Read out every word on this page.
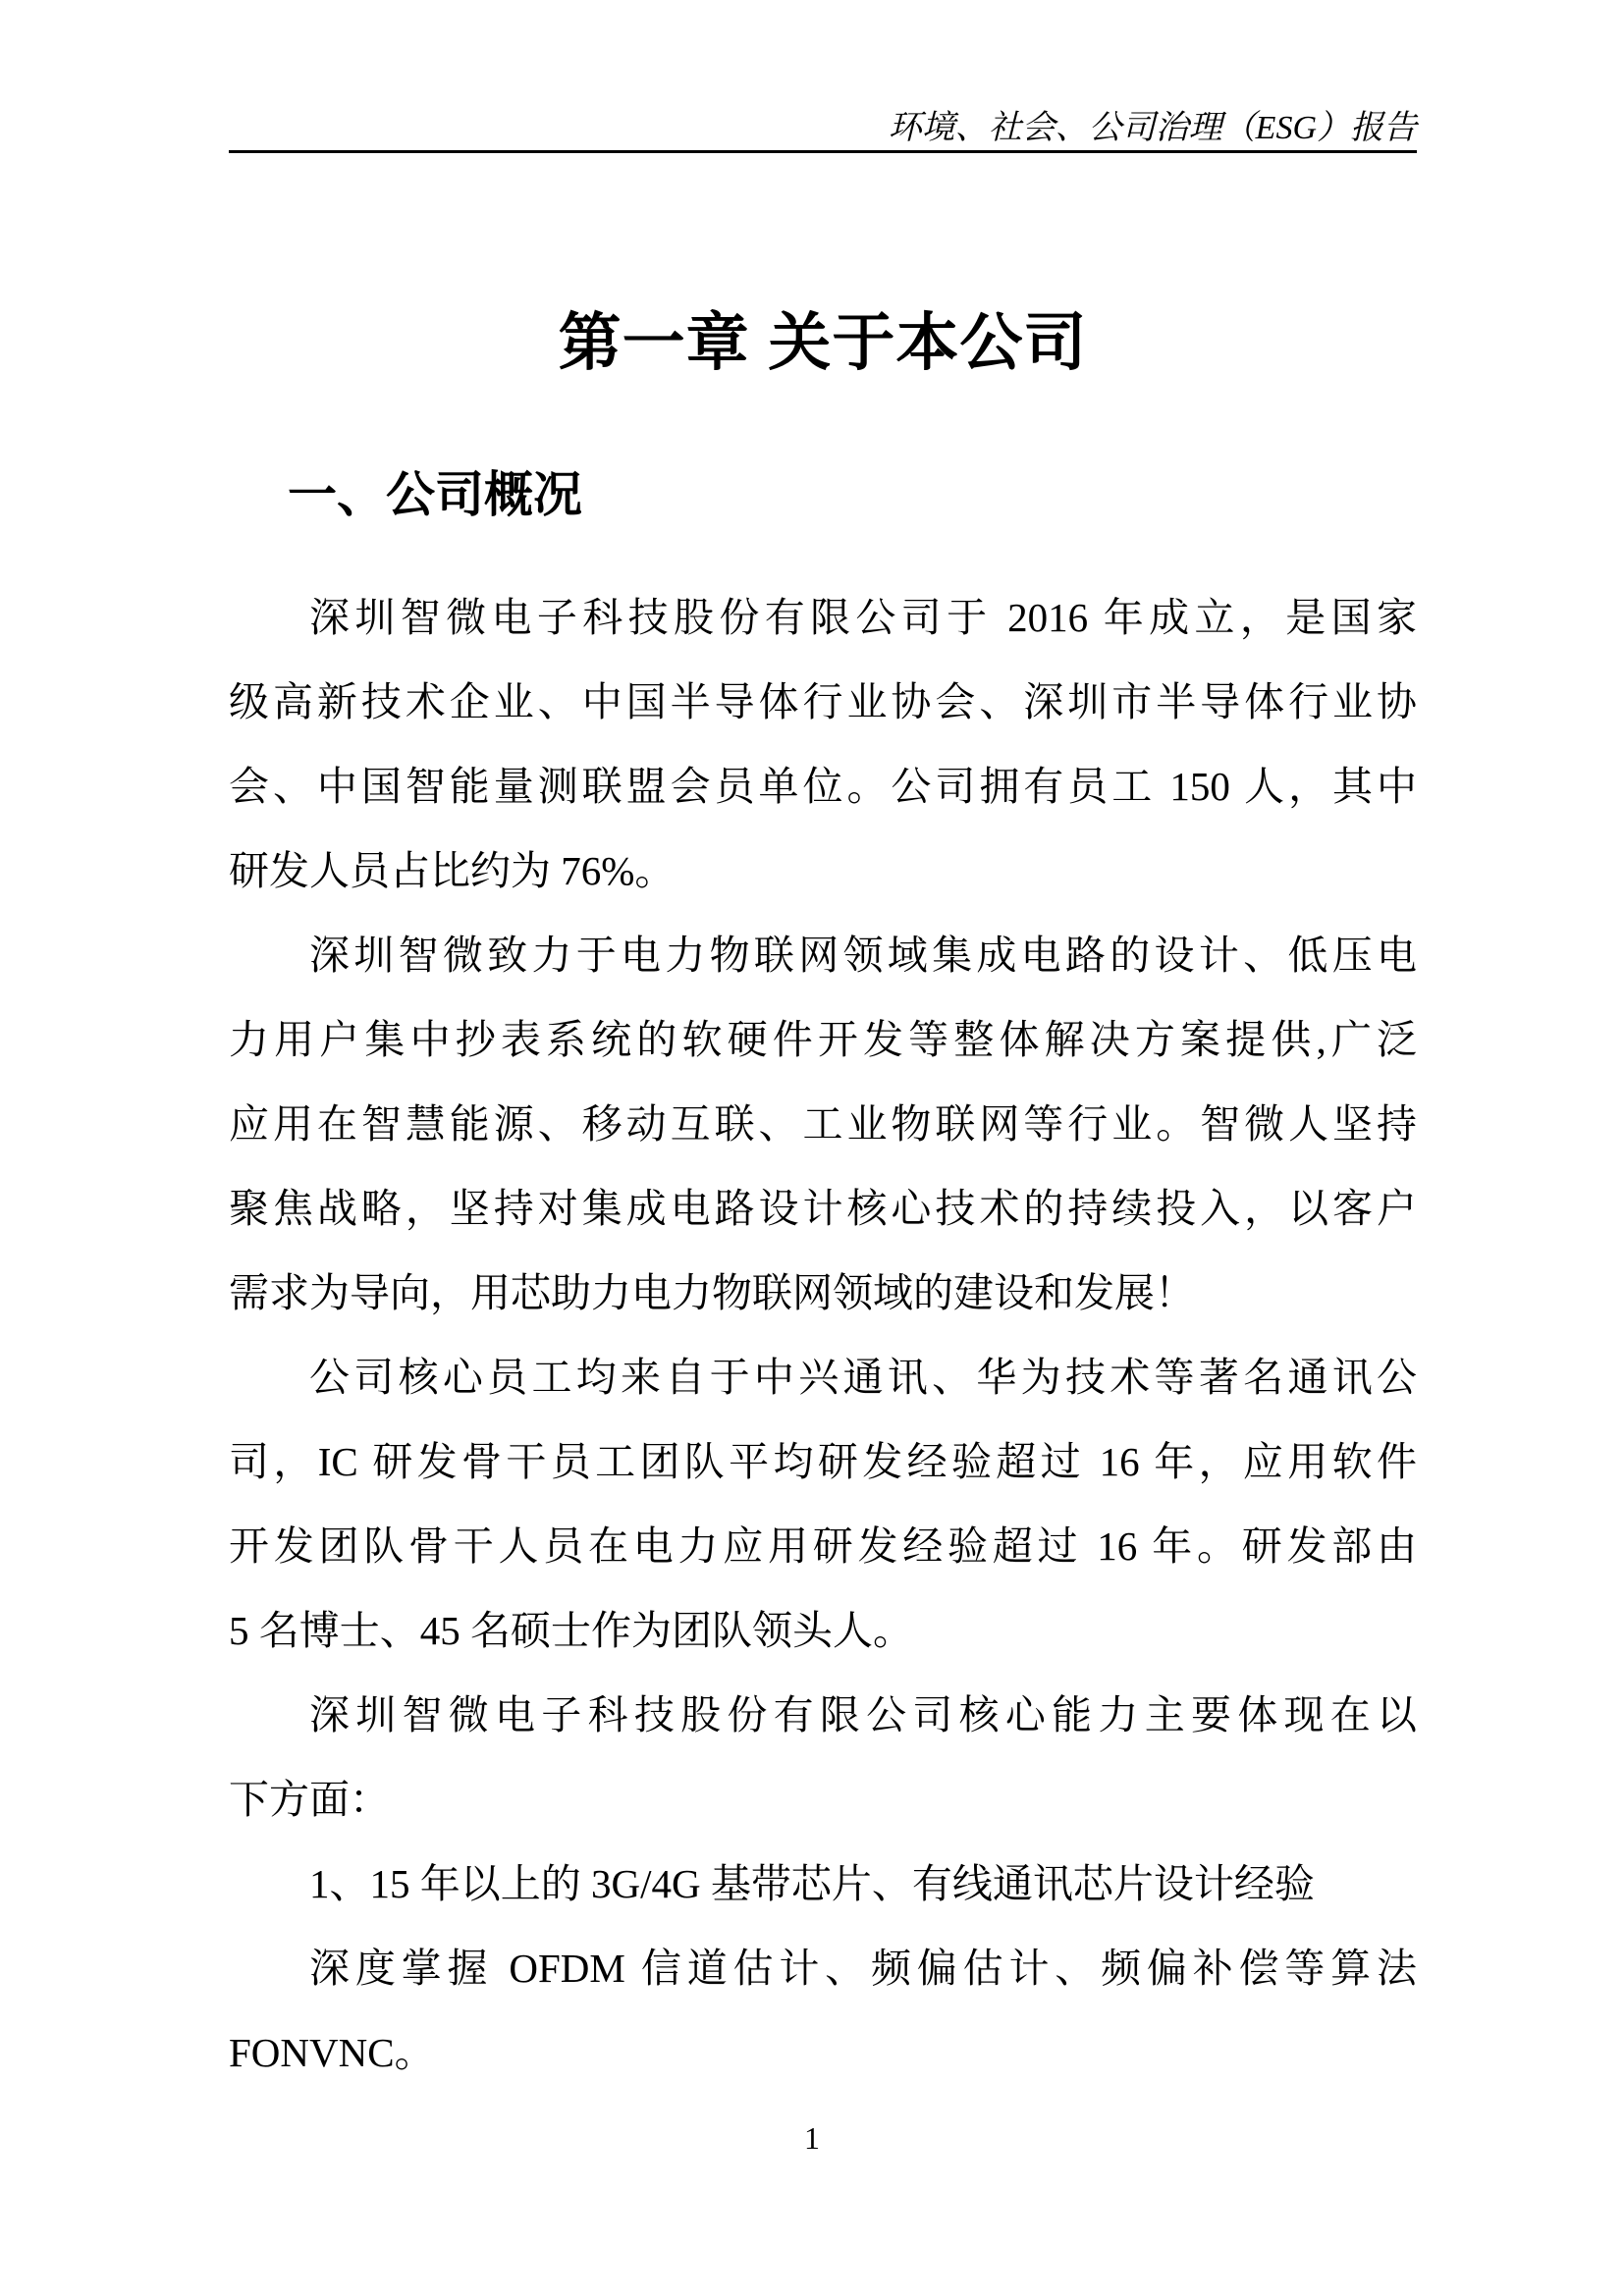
环境、社会、公司治理（ESG）报告
第一章 关于本公司
一、公司概况
深圳智微电子科技股份有限公司于 2016 年成立，是国家
级高新技术企业、中国半导体行业协会、深圳市半导体行业协
会、中国智能量测联盟会员单位。公司拥有员工 150 人，其中
研发人员占比约为 76%。
深圳智微致力于电力物联网领域集成电路的设计、低压电
力用户集中抄表系统的软硬件开发等整体解决方案提供,广泛
应用在智慧能源、移动互联、工业物联网等行业。智微人坚持
聚焦战略，坚持对集成电路设计核心技术的持续投入，以客户
需求为导向，用芯助力电力物联网领域的建设和发展！
公司核心员工均来自于中兴通讯、华为技术等著名通讯公
司，IC 研发骨干员工团队平均研发经验超过 16 年，应用软件
开发团队骨干人员在电力应用研发经验超过 16 年。研发部由
5 名博士、45 名硕士作为团队领头人。
深圳智微电子科技股份有限公司核心能力主要体现在以
下方面：
1、15 年以上的 3G/4G 基带芯片、有线通讯芯片设计经验
深度掌握 OFDM 信道估计、频偏估计、频偏补偿等算法
FONVNC。
1
